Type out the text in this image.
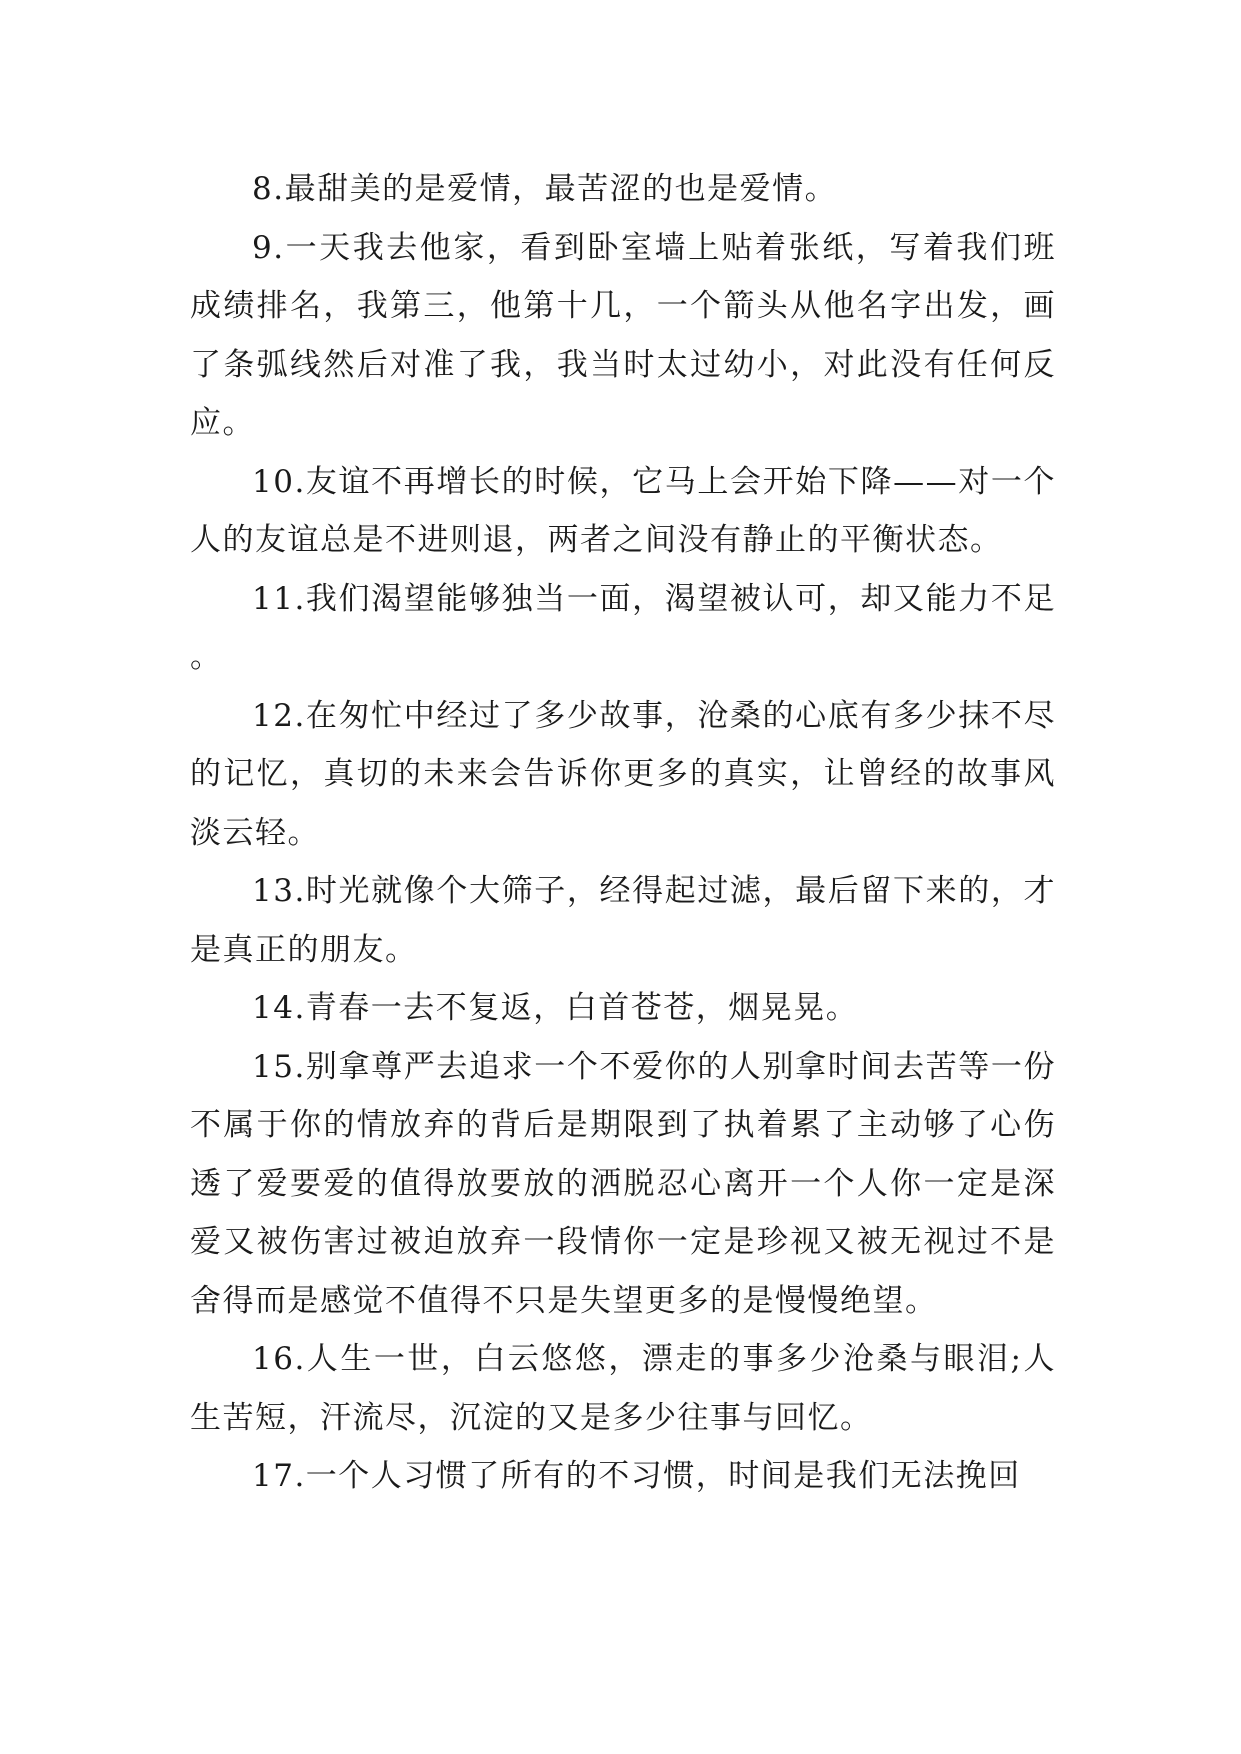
8.最甜美的是爱情，最苦涩的也是爱情。

9.一天我去他家，看到卧室墙上贴着张纸，写着我们班成绩排名，我第三，他第十几，一个箭头从他名字出发，画了条弧线然后对准了我，我当时太过幼小，对此没有任何反应。

10.友谊不再增长的时候，它马上会开始下降——对一个人的友谊总是不进则退，两者之间没有静止的平衡状态。

11.我们渴望能够独当一面，渴望被认可，却又能力不足。

12.在匆忙中经过了多少故事，沧桑的心底有多少抹不尽的记忆，真切的未来会告诉你更多的真实，让曾经的故事风淡云轻。

13.时光就像个大筛子，经得起过滤，最后留下来的，才是真正的朋友。

14.青春一去不复返，白首苍苍，烟晃晃。

15.别拿尊严去追求一个不爱你的人别拿时间去苦等一份不属于你的情放弃的背后是期限到了执着累了主动够了心伤透了爱要爱的值得放要放的洒脱忍心离开一个人你一定是深爱又被伤害过被迫放弃一段情你一定是珍视又被无视过不是舍得而是感觉不值得不只是失望更多的是慢慢绝望。

16.人生一世，白云悠悠，漂走的事多少沧桑与眼泪;人生苦短，汗流尽，沉淀的又是多少往事与回忆。

17.一个人习惯了所有的不习惯，时间是我们无法挽回
